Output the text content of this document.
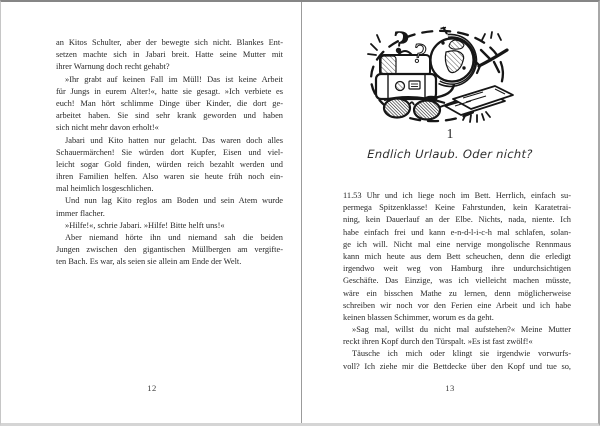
an Kitos Schulter, aber der bewegte sich nicht. Blankes Ent-
setzen machte sich in Jabari breit. Hatte seine Mutter mit
ihrer Warnung doch recht gehabt?
»Ihr grabt auf keinen Fall im Müll! Das ist keine Arbeit
für Jungs in eurem Alter!«, hatte sie gesagt. »Ich verbiete es
euch! Man hört schlimme Dinge über Kinder, die dort ge-
arbeitet haben. Sie sind sehr krank geworden und haben
sich nicht mehr davon erholt!«
Jabari und Kito hatten nur gelacht. Das waren doch alles
Schauermärchen! Sie würden dort Kupfer, Eisen und viel-
leicht sogar Gold finden, würden reich bezahlt werden und
ihren Familien helfen. Also waren sie heute früh noch ein-
mal heimlich losgeschlichen.
Und nun lag Kito reglos am Boden und sein Atem wurde
immer flacher.
»Hilfe!«, schrie Jabari. »Hilfe! Bitte helft uns!«
Aber niemand hörte ihn und niemand sah die beiden
Jungen zwischen den gigantischen Müllbergen am vergifte-
ten Bach. Es war, als seien sie allein am Ende der Welt.
12
?
?
1
Endlich Urlaub. Oder nicht?
11.53 Uhr und ich liege noch im Bett. Herrlich, einfach su-
permega Spitzenklasse! Keine Fahrstunden, kein Karatetrai-
ning, kein Dauerlauf an der Elbe. Nichts, nada, niente. Ich
habe einfach frei und kann e-n-d-l-i-c-h mal schlafen, solan-
ge ich will. Nicht mal eine nervige mongolische Rennmaus
kann mich heute aus dem Bett scheuchen, denn die erledigt
irgendwo weit weg von Hamburg ihre undurchsichtigen
Geschäfte. Das Einzige, was ich vielleicht machen müsste,
wäre ein bisschen Mathe zu lernen, denn möglicherweise
schreiben wir noch vor den Ferien eine Arbeit und ich habe
keinen blassen Schimmer, worum es da geht.
»Sag mal, willst du nicht mal aufstehen?« Meine Mutter
reckt ihren Kopf durch den Türspalt. »Es ist fast zwölf!«
Täusche ich mich oder klingt sie irgendwie vorwurfs-
voll? Ich ziehe mir die Bettdecke über den Kopf und tue so,
13
